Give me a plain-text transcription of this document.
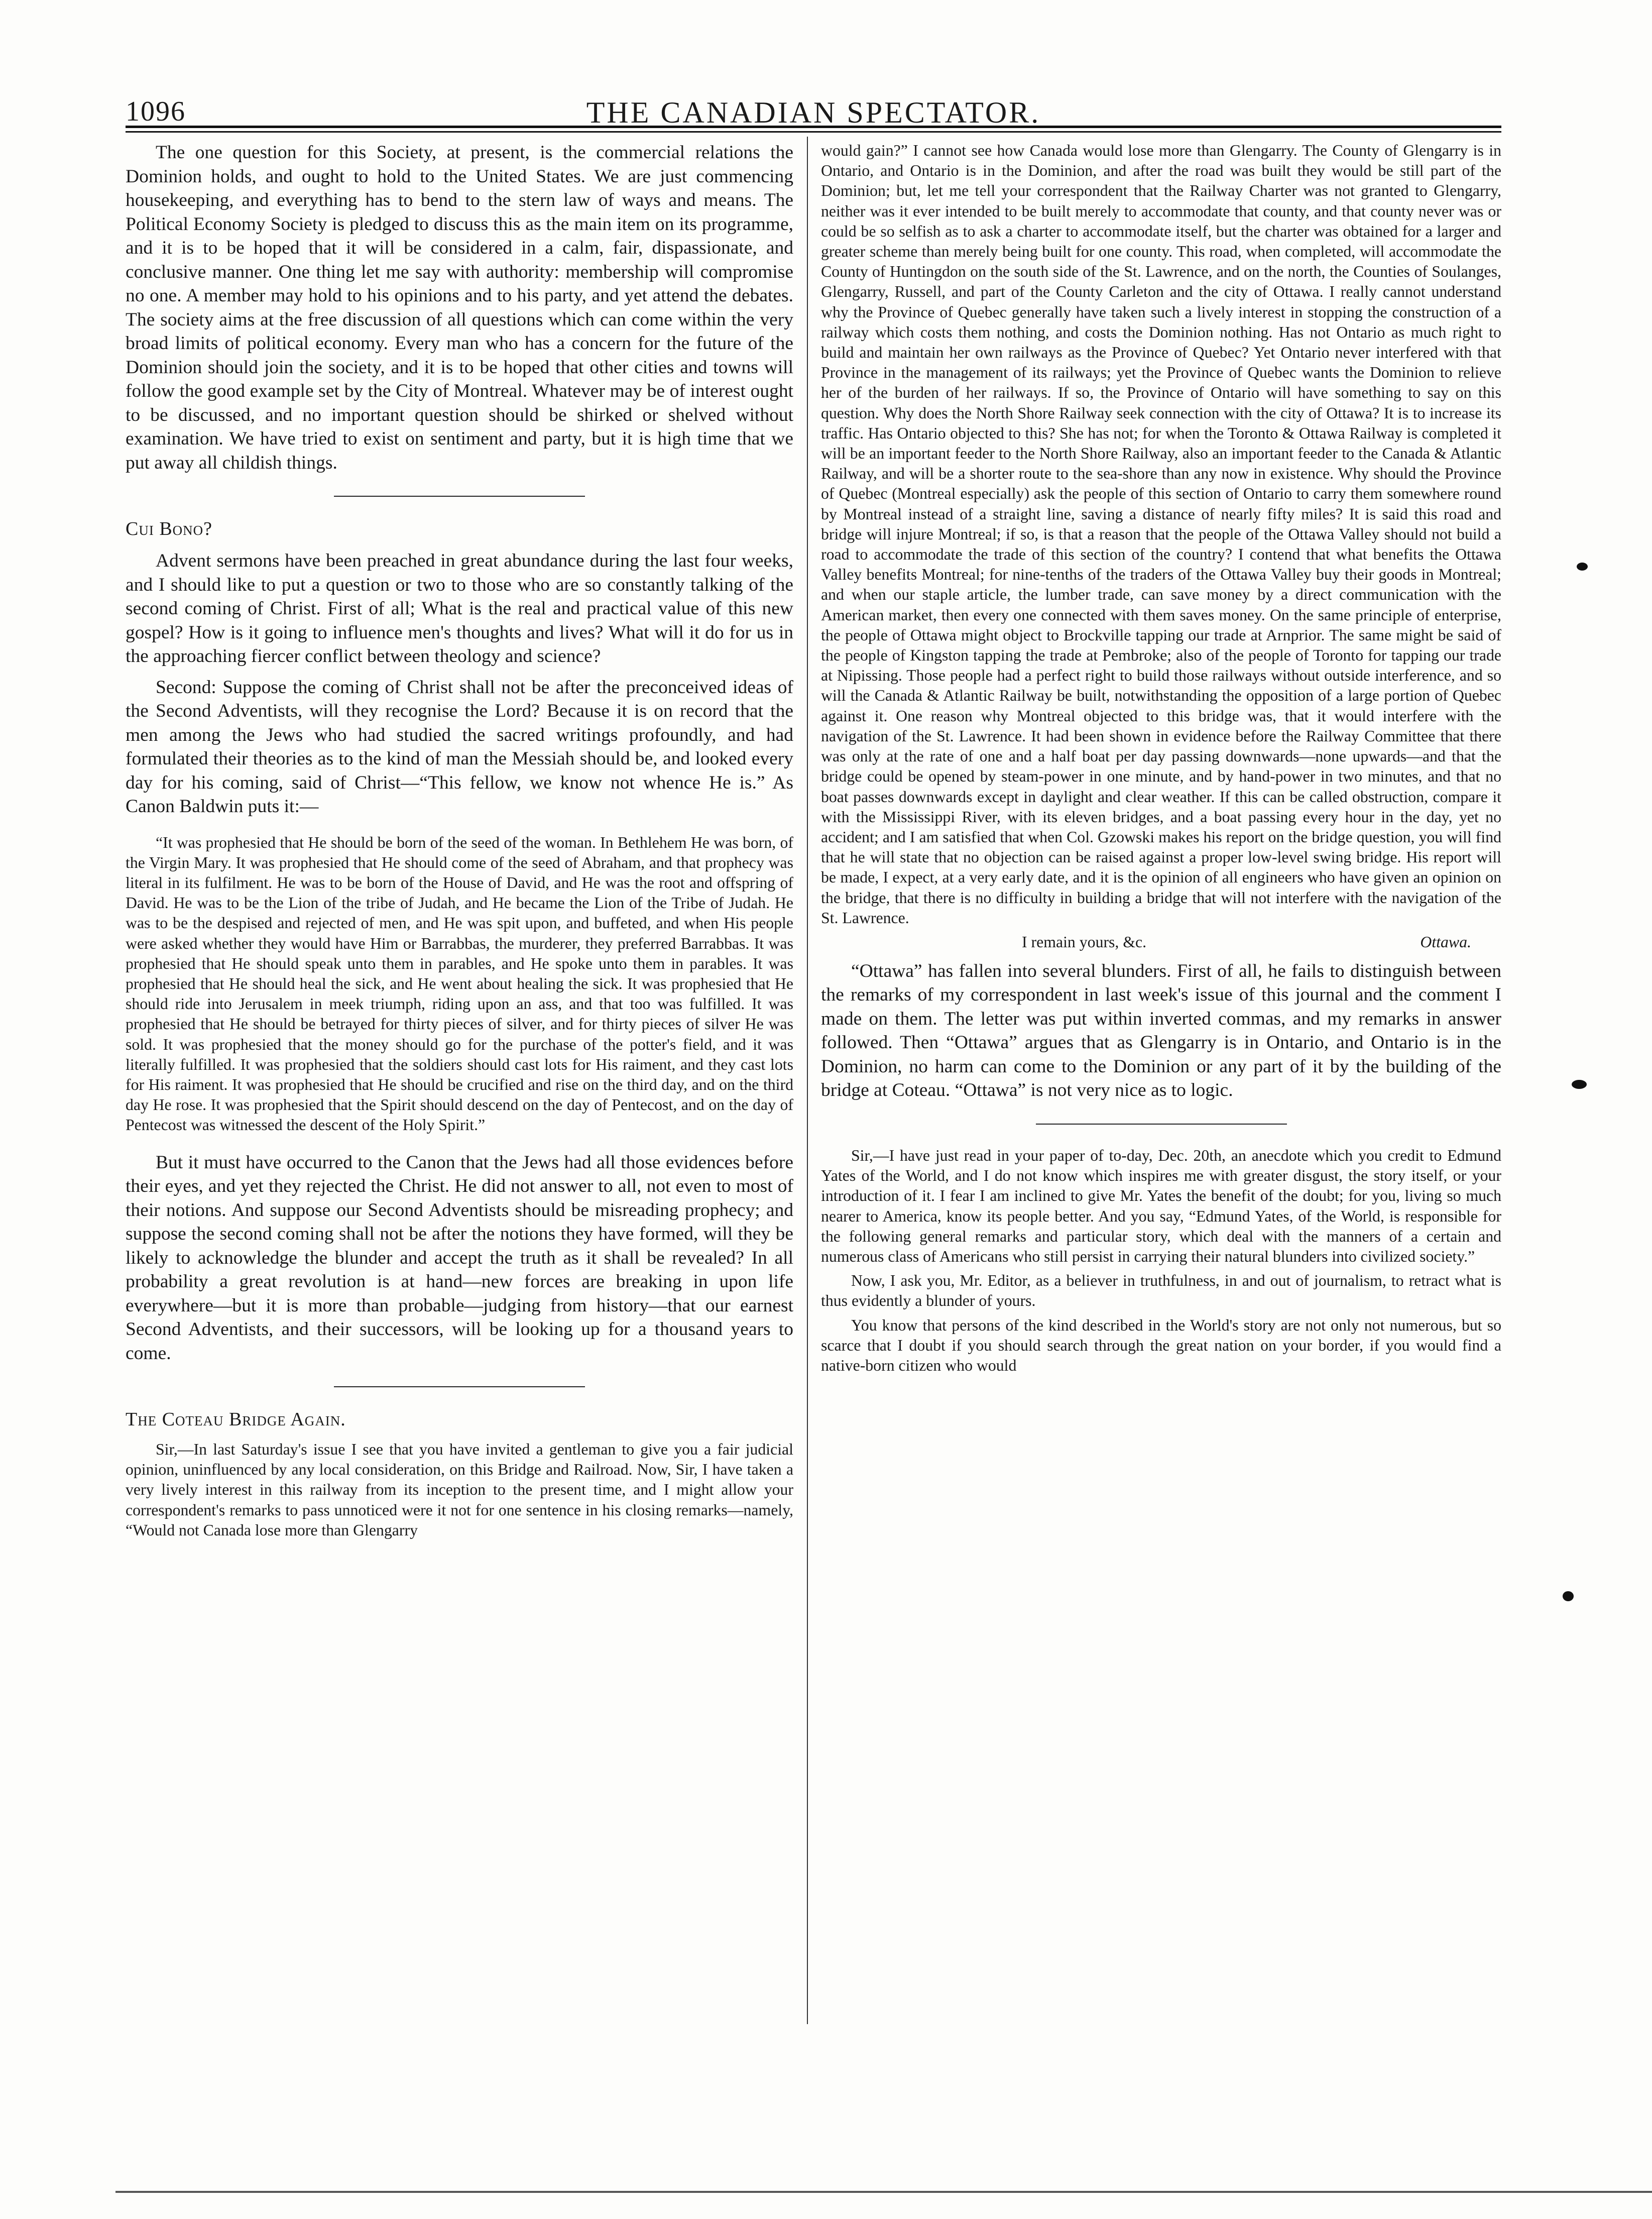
1096	THE CANADIAN SPECTATOR.

The one question for this Society, at present, is the commercial relations the Dominion holds, and ought to hold to the United States. We are just commencing housekeeping, and everything has to bend to the stern law of ways and means. The Political Economy Society is pledged to discuss this as the main item on its programme, and it is to be hoped that it will be considered in a calm, fair, dispassionate, and conclusive manner. One thing let me say with authority: membership will compromise no one. A member may hold to his opinions and to his party, and yet attend the debates. The society aims at the free discussion of all questions which can come within the very broad limits of political economy. Every man who has a concern for the future of the Dominion should join the society, and it is to be hoped that other cities and towns will follow the good example set by the City of Montreal. Whatever may be of interest ought to be discussed, and no important question should be shirked or shelved without examination. We have tried to exist on sentiment and party, but it is high time that we put away all childish things.

Cui Bono?

Advent sermons have been preached in great abundance during the last four weeks, and I should like to put a question or two to those who are so constantly talking of the second coming of Christ. First of all; What is the real and practical value of this new gospel? How is it going to influence men's thoughts and lives? What will it do for us in the approaching fiercer conflict between theology and science?

Second: Suppose the coming of Christ shall not be after the preconceived ideas of the Second Adventists, will they recognise the Lord? Because it is on record that the men among the Jews who had studied the sacred writings profoundly, and had formulated their theories as to the kind of man the Messiah should be, and looked every day for his coming, said of Christ—“This fellow, we know not whence He is.” As Canon Baldwin puts it:—

“It was prophesied that He should be born of the seed of the woman. In Bethlehem He was born, of the Virgin Mary. It was prophesied that He should come of the seed of Abraham, and that prophecy was literal in its fulfilment. He was to be born of the House of David, and He was the root and offspring of David. He was to be the Lion of the tribe of Judah, and He became the Lion of the Tribe of Judah. He was to be the despised and rejected of men, and He was spit upon, and buffeted, and when His people were asked whether they would have Him or Barrabbas, the murderer, they preferred Barrabbas. It was prophesied that He should speak unto them in parables, and He spoke unto them in parables. It was prophesied that He should heal the sick, and He went about healing the sick. It was prophesied that He should ride into Jerusalem in meek triumph, riding upon an ass, and that too was fulfilled. It was prophesied that He should be betrayed for thirty pieces of silver, and for thirty pieces of silver He was sold. It was prophesied that the money should go for the purchase of the potter's field, and it was literally fulfilled. It was prophesied that the soldiers should cast lots for His raiment, and they cast lots for His raiment. It was prophesied that He should be crucified and rise on the third day, and on the third day He rose. It was prophesied that the Spirit should descend on the day of Pentecost, and on the day of Pentecost was witnessed the descent of the Holy Spirit.”

But it must have occurred to the Canon that the Jews had all those evidences before their eyes, and yet they rejected the Christ. He did not answer to all, not even to most of their notions. And suppose our Second Adventists should be misreading prophecy; and suppose the second coming shall not be after the notions they have formed, will they be likely to acknowledge the blunder and accept the truth as it shall be revealed? In all probability a great revolution is at hand—new forces are breaking in upon life everywhere—but it is more than probable—judging from history—that our earnest Second Adventists, and their successors, will be looking up for a thousand years to come.

The Coteau Bridge Again.

Sir,—In last Saturday's issue I see that you have invited a gentleman to give you a fair judicial opinion, uninfluenced by any local consideration, on this Bridge and Railroad. Now, Sir, I have taken a very lively interest in this railway from its inception to the present time, and I might allow your correspondent's remarks to pass unnoticed were it not for one sentence in his closing remarks—namely, “Would not Canada lose more than Glengarry

would gain?” I cannot see how Canada would lose more than Glengarry. The County of Glengarry is in Ontario, and Ontario is in the Dominion, and after the road was built they would be still part of the Dominion; but, let me tell your correspondent that the Railway Charter was not granted to Glengarry, neither was it ever intended to be built merely to accommodate that county, and that county never was or could be so selfish as to ask a charter to accommodate itself, but the charter was obtained for a larger and greater scheme than merely being built for one county. This road, when completed, will accommodate the County of Huntingdon on the south side of the St. Lawrence, and on the north, the Counties of Soulanges, Glengarry, Russell, and part of the County Carleton and the city of Ottawa. I really cannot understand why the Province of Quebec generally have taken such a lively interest in stopping the construction of a railway which costs them nothing, and costs the Dominion nothing. Has not Ontario as much right to build and maintain her own railways as the Province of Quebec? Yet Ontario never interfered with that Province in the management of its railways; yet the Province of Quebec wants the Dominion to relieve her of the burden of her railways. If so, the Province of Ontario will have something to say on this question. Why does the North Shore Railway seek connection with the city of Ottawa? It is to increase its traffic. Has Ontario objected to this? She has not; for when the Toronto & Ottawa Railway is completed it will be an important feeder to the North Shore Railway, also an important feeder to the Canada & Atlantic Railway, and will be a shorter route to the sea-shore than any now in existence. Why should the Province of Quebec (Montreal especially) ask the people of this section of Ontario to carry them somewhere round by Montreal instead of a straight line, saving a distance of nearly fifty miles? It is said this road and bridge will injure Montreal; if so, is that a reason that the people of the Ottawa Valley should not build a road to accommodate the trade of this section of the country? I contend that what benefits the Ottawa Valley benefits Montreal; for nine-tenths of the traders of the Ottawa Valley buy their goods in Montreal; and when our staple article, the lumber trade, can save money by a direct communication with the American market, then every one connected with them saves money. On the same principle of enterprise, the people of Ottawa might object to Brockville tapping our trade at Arnprior. The same might be said of the people of Kingston tapping the trade at Pembroke; also of the people of Toronto for tapping our trade at Nipissing. Those people had a perfect right to build those railways without outside interference, and so will the Canada & Atlantic Railway be built, notwithstanding the opposition of a large portion of Quebec against it. One reason why Montreal objected to this bridge was, that it would interfere with the navigation of the St. Lawrence. It had been shown in evidence before the Railway Committee that there was only at the rate of one and a half boat per day passing downwards—none upwards—and that the bridge could be opened by steam-power in one minute, and by hand-power in two minutes, and that no boat passes downwards except in daylight and clear weather. If this can be called obstruction, compare it with the Mississippi River, with its eleven bridges, and a boat passing every hour in the day, yet no accident; and I am satisfied that when Col. Gzowski makes his report on the bridge question, you will find that he will state that no objection can be raised against a proper low-level swing bridge. His report will be made, I expect, at a very early date, and it is the opinion of all engineers who have given an opinion on the bridge, that there is no difficulty in building a bridge that will not interfere with the navigation of the St. Lawrence.

I remain yours, &c.	Ottawa.

“Ottawa” has fallen into several blunders. First of all, he fails to distinguish between the remarks of my correspondent in last week's issue of this journal and the comment I made on them. The letter was put within inverted commas, and my remarks in answer followed. Then “Ottawa” argues that as Glengarry is in Ontario, and Ontario is in the Dominion, no harm can come to the Dominion or any part of it by the building of the bridge at Coteau. “Ottawa” is not very nice as to logic.

Sir,—I have just read in your paper of to-day, Dec. 20th, an anecdote which you credit to Edmund Yates of the World, and I do not know which inspires me with greater disgust, the story itself, or your introduction of it. I fear I am inclined to give Mr. Yates the benefit of the doubt; for you, living so much nearer to America, know its people better. And you say, “Edmund Yates, of the World, is responsible for the following general remarks and particular story, which deal with the manners of a certain and numerous class of Americans who still persist in carrying their natural blunders into civilized society.”

Now, I ask you, Mr. Editor, as a believer in truthfulness, in and out of journalism, to retract what is thus evidently a blunder of yours.

You know that persons of the kind described in the World's story are not only not numerous, but so scarce that I doubt if you should search through the great nation on your border, if you would find a native-born citizen who would
